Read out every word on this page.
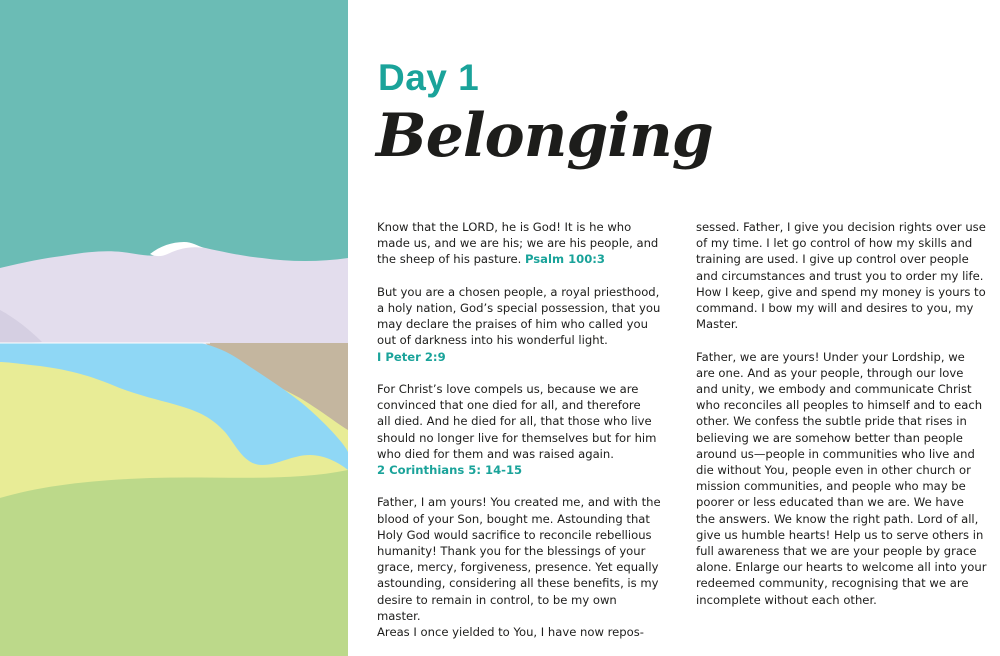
Day 1
Belonging

Know that the LORD, he is God! It is he who
made us, and we are his; we are his people, and
the sheep of his pasture. Psalm 100:3

But you are a chosen people, a royal priesthood,
a holy nation, God’s special possession, that you
may declare the praises of him who called you
out of darkness into his wonderful light.
I Peter 2:9

For Christ’s love compels us, because we are
convinced that one died for all, and therefore
all died. And he died for all, that those who live
should no longer live for themselves but for him
who died for them and was raised again.
2 Corinthians 5: 14-15

Father, I am yours! You created me, and with the
blood of your Son, bought me. Astounding that
Holy God would sacrifice to reconcile rebellious
humanity! Thank you for the blessings of your
grace, mercy, forgiveness, presence. Yet equally
astounding, considering all these benefits, is my
desire to remain in control, to be my own master.
Areas I once yielded to You, I have now repos-

sessed. Father, I give you decision rights over use
of my time. I let go control of how my skills and
training are used. I give up control over people
and circumstances and trust you to order my life.
How I keep, give and spend my money is yours to
command. I bow my will and desires to you, my
Master.

Father, we are yours! Under your Lordship, we
are one. And as your people, through our love
and unity, we embody and communicate Christ
who reconciles all peoples to himself and to each
other. We confess the subtle pride that rises in
believing we are somehow better than people
around us—people in communities who live and
die without You, people even in other church or
mission communities, and people who may be
poorer or less educated than we are. We have
the answers. We know the right path. Lord of all,
give us humble hearts! Help us to serve others in
full awareness that we are your people by grace
alone. Enlarge our hearts to welcome all into your
redeemed community, recognising that we are
incomplete without each other.
